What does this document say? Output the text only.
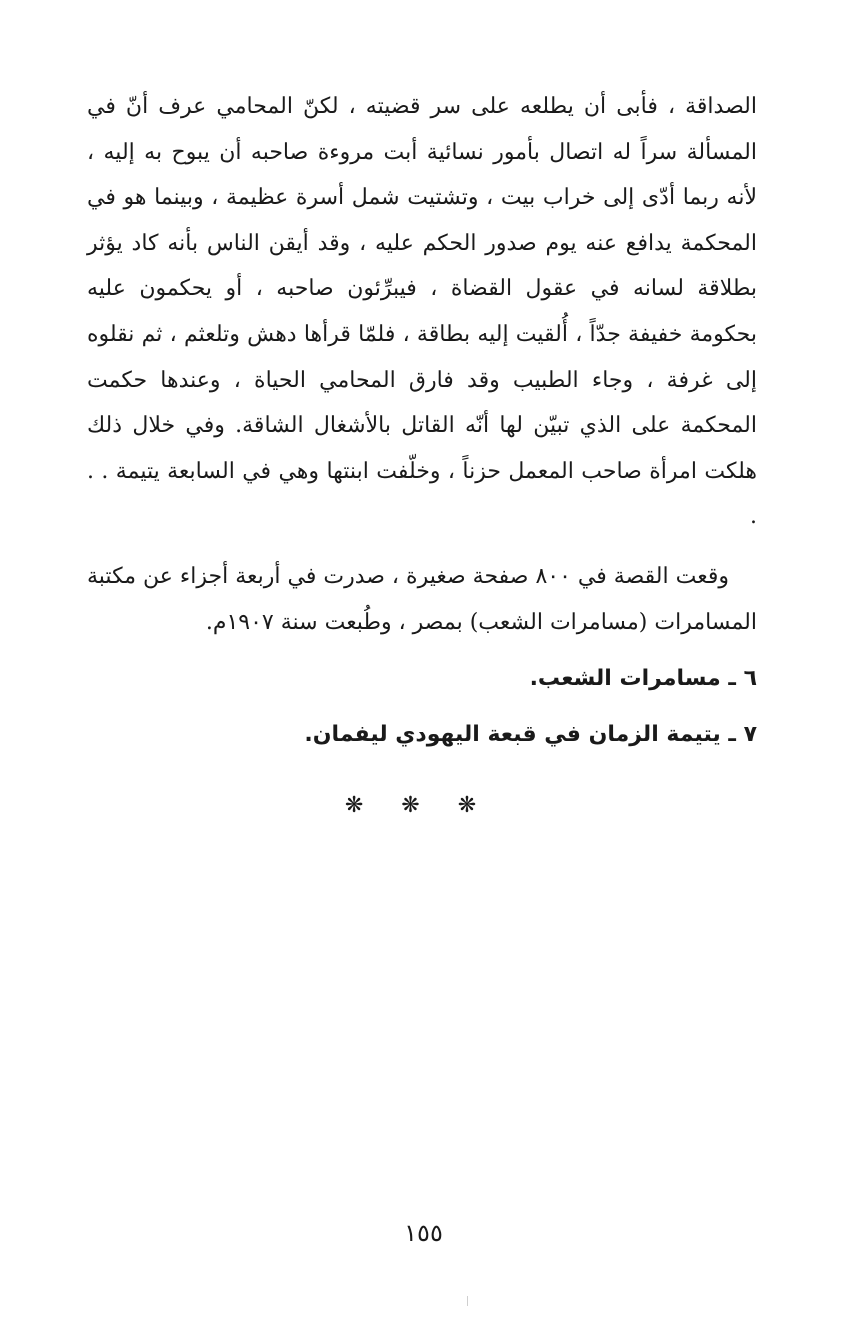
الصداقة ، فأبى أن يطلعه على سر قضيته ، لكنّ المحامي عرف أنّ في المسألة سراً له اتصال بأمور نسائية أبت مروءة صاحبه أن يبوح به إليه ، لأنه ربما أدّى إلى خراب بيت ، وتشتيت شمل أسرة عظيمة ، وبينما هو في المحكمة يدافع عنه يوم صدور الحكم عليه ، وقد أيقن الناس بأنه كاد يؤثر بطلاقة لسانه في عقول القضاة ، فيبرِّئون صاحبه ، أو يحكمون عليه بحكومة خفيفة جدّاً ، أُلقيت إليه بطاقة ، فلمّا قرأها دهش وتلعثم ، ثم نقلوه إلى غرفة ، وجاء الطبيب وقد فارق المحامي الحياة ، وعندها حكمت المحكمة على الذي تبيّن لها أنّه القاتل بالأشغال الشاقة. وفي خلال ذلك هلكت امرأة صاحب المعمل حزناً ، وخلّفت ابنتها وهي في السابعة يتيمة . . .

وقعت القصة في ٨٠٠ صفحة صغيرة ، صدرت في أربعة أجزاء عن مكتبة المسامرات (مسامرات الشعب) بمصر ، وطُبعت سنة ١٩٠٧م.

٦ ـ مسامرات الشعب.

٧ ـ يتيمة الزمان في قبعة اليهودي ليفمان.

❋ ❋ ❋
١٥٥
